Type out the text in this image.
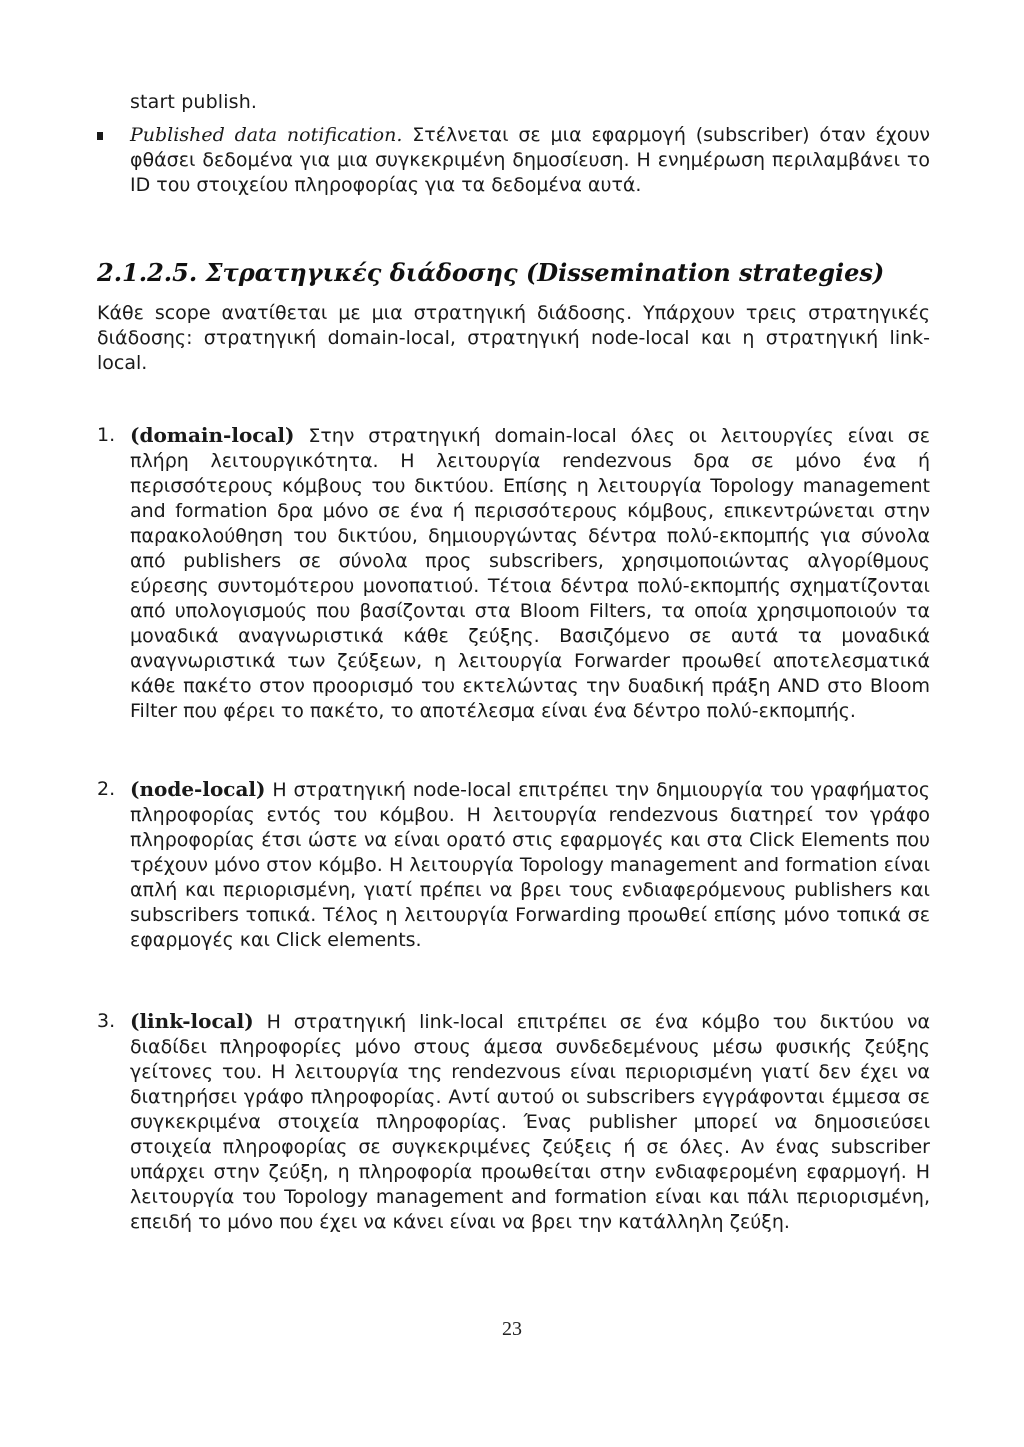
start publish.
Published data notification. Στέλνεται σε μια εφαρμογή (subscriber) όταν έχουν φθάσει δεδομένα για μια συγκεκριμένη δημοσίευση. Η ενημέρωση περιλαμβάνει το ID του στοιχείου πληροφορίας για τα δεδομένα αυτά.
2.1.2.5. Στρατηγικές διάδοσης (Dissemination strategies)
Κάθε scope ανατίθεται με μια στρατηγική διάδοσης. Υπάρχουν τρεις στρατηγικές διάδοσης: στρατηγική domain-local, στρατηγική node-local και η στρατηγική link-local.
1. (domain-local) Στην στρατηγική domain-local όλες οι λειτουργίες είναι σε πλήρη λειτουργικότητα. Η λειτουργία rendezvous δρα σε μόνο ένα ή περισσότερους κόμβους του δικτύου. Επίσης η λειτουργία Topology management and formation δρα μόνο σε ένα ή περισσότερους κόμβους, επικεντρώνεται στην παρακολούθηση του δικτύου, δημιουργώντας δέντρα πολύ-εκπομπής για σύνολα από publishers σε σύνολα προς subscribers, χρησιμοποιώντας αλγορίθμους εύρεσης συντομότερου μονοπατιού. Τέτοια δέντρα πολύ-εκπομπής σχηματίζονται από υπολογισμούς που βασίζονται στα Bloom Filters, τα οποία χρησιμοποιούν τα μοναδικά αναγνωριστικά κάθε ζεύξης. Βασιζόμενο σε αυτά τα μοναδικά αναγνωριστικά των ζεύξεων, η λειτουργία Forwarder προωθεί αποτελεσματικά κάθε πακέτο στον προορισμό του εκτελώντας την δυαδική πράξη AND στο Bloom Filter που φέρει το πακέτο, το αποτέλεσμα είναι ένα δέντρο πολύ-εκπομπής.
2. (node-local) Η στρατηγική node-local επιτρέπει την δημιουργία του γραφήματος πληροφορίας εντός του κόμβου. Η λειτουργία rendezvous διατηρεί τον γράφο πληροφορίας έτσι ώστε να είναι ορατό στις εφαρμογές και στα Click Elements που τρέχουν μόνο στον κόμβο. Η λειτουργία Topology management and formation είναι απλή και περιορισμένη, γιατί πρέπει να βρει τους ενδιαφερόμενους publishers και subscribers τοπικά. Τέλος η λειτουργία Forwarding προωθεί επίσης μόνο τοπικά σε εφαρμογές και Click elements.
3. (link-local) Η στρατηγική link-local επιτρέπει σε ένα κόμβο του δικτύου να διαδίδει πληροφορίες μόνο στους άμεσα συνδεδεμένους μέσω φυσικής ζεύξης γείτονες του. Η λειτουργία της rendezvous είναι περιορισμένη γιατί δεν έχει να διατηρήσει γράφο πληροφορίας. Αντί αυτού οι subscribers εγγράφονται έμμεσα σε συγκεκριμένα στοιχεία πληροφορίας. Ένας publisher μπορεί να δημοσιεύσει στοιχεία πληροφορίας σε συγκεκριμένες ζεύξεις ή σε όλες. Αν ένας subscriber υπάρχει στην ζεύξη, η πληροφορία προωθείται στην ενδιαφερομένη εφαρμογή. Η λειτουργία του Topology management and formation είναι και πάλι περιορισμένη, επειδή το μόνο που έχει να κάνει είναι να βρει την κατάλληλη ζεύξη.
23
